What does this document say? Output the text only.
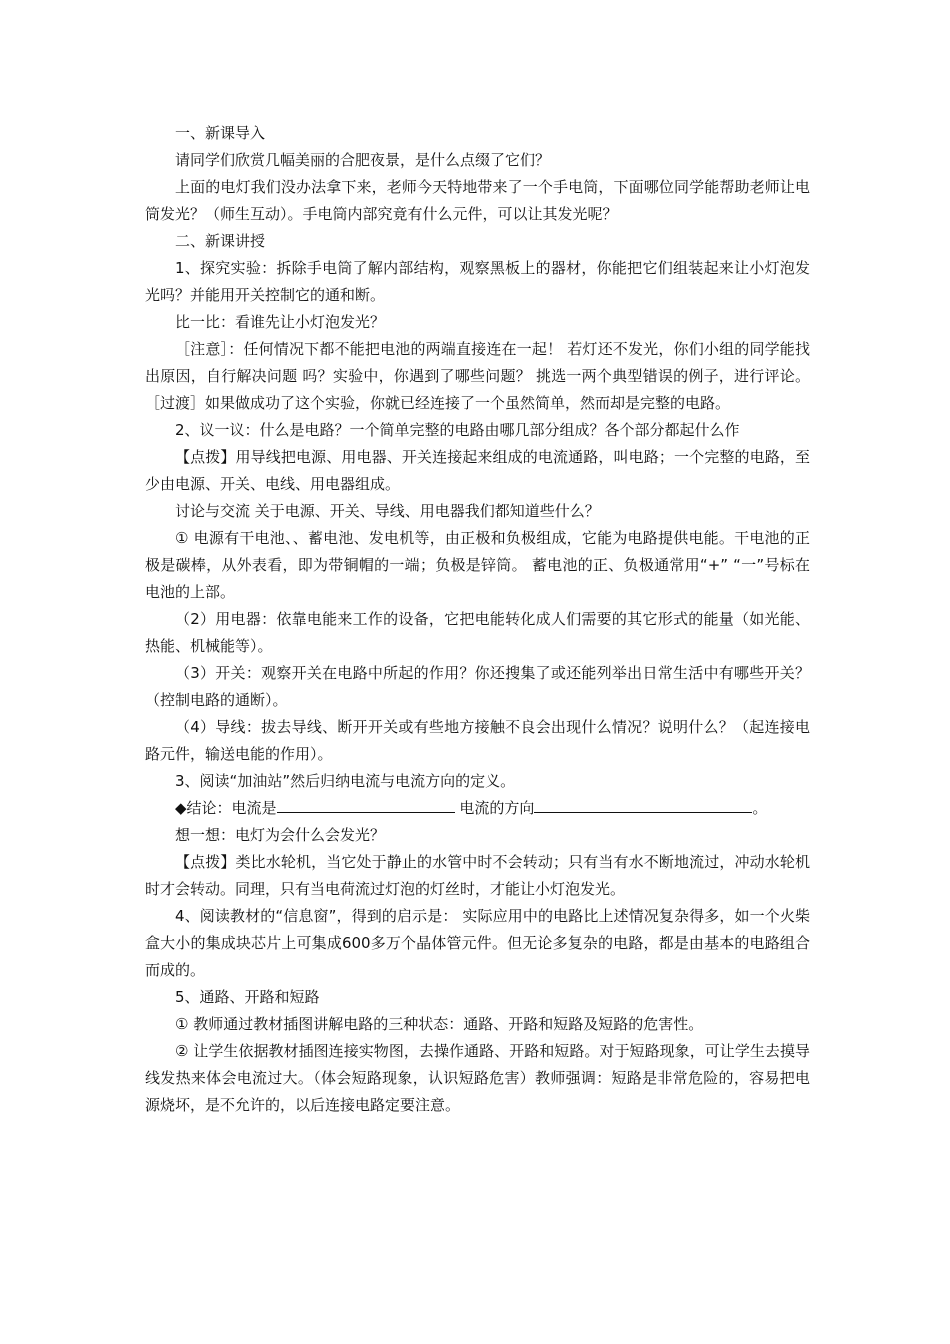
一、新课导入

请同学们欣赏几幅美丽的合肥夜景，是什么点缀了它们？

上面的电灯我们没办法拿下来，老师今天特地带来了一个手电筒，下面哪位同学能帮助老师让电筒发光？（师生互动）。手电筒内部究竟有什么元件，可以让其发光呢？

二、新课讲授

1、探究实验：拆除手电筒了解内部结构，观察黑板上的器材，你能把它们组装起来让小灯泡发光吗？并能用开关控制它的通和断。

比一比：看谁先让小灯泡发光？

［注意］：任何情况下都不能把电池的两端直接连在一起！ 若灯还不发光，你们小组的同学能找出原因，自行解决问题 吗？实验中，你遇到了哪些问题？ 挑选一两个典型错误的例子，进行评论。 ［过渡］如果做成功了这个实验，你就已经连接了一个虽然简单，然而却是完整的电路。

2、议一议：什么是电路？一个简单完整的电路由哪几部分组成？各个部分都起什么作

【点拨】用导线把电源、用电器、开关连接起来组成的电流通路，叫电路；一个完整的电路，至少由电源、开关、电线、用电器组成。

讨论与交流 关于电源、开关、导线、用电器我们都知道些什么？

① 电源有干电池、、蓄电池、发电机等，由正极和负极组成，它能为电路提供电能。干电池的正极是碳棒，从外表看，即为带铜帽的一端；负极是锌筒。 蓄电池的正、负极通常用“+” “一”号标在电池的上部。

（2）用电器：依靠电能来工作的设备，它把电能转化成人们需要的其它形式的能量（如光能、热能、机械能等）。

（3）开关：观察开关在电路中所起的作用？你还搜集了或还能列举出日常生活中有哪些开关？（控制电路的通断）。

（4）导线：拔去导线、断开开关或有些地方接触不良会出现什么情况？说明什么？（起连接电路元件，输送电能的作用）。

3、阅读“加油站”然后归纳电流与电流方向的定义。

◆结论：电流是	电流的方向	。

想一想：电灯为会什么会发光？

【点拨】类比水轮机，当它处于静止的水管中时不会转动；只有当有水不断地流过，冲动水轮机时才会转动。同理，只有当电荷流过灯泡的灯丝时，才能让小灯泡发光。

4、阅读教材的“信息窗”，得到的启示是： 实际应用中的电路比上述情况复杂得多，如一个火柴盒大小的集成块芯片上可集成600多万个晶体管元件。但无论多复杂的电路，都是由基本的电路组合而成的。

5、通路、开路和短路

① 教师通过教材插图讲解电路的三种状态：通路、开路和短路及短路的危害性。

② 让学生依据教材插图连接实物图，去操作通路、开路和短路。对于短路现象，可让学生去摸导线发热来体会电流过大。（体会短路现象，认识短路危害）教师强调：短路是非常危险的，容易把电源烧坏，是不允许的，以后连接电路定要注意。
